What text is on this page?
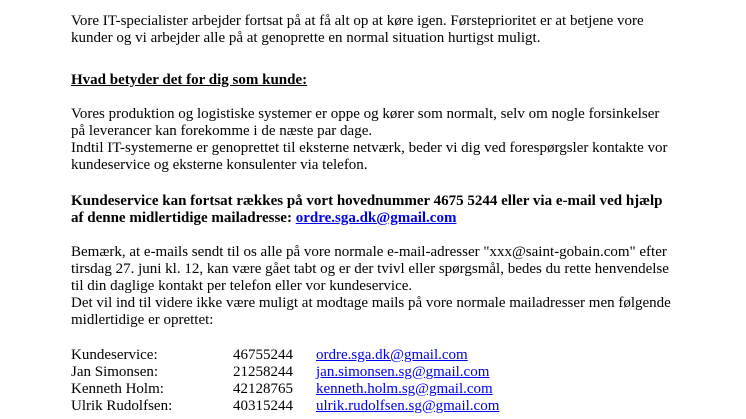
Vore IT-specialister arbejder fortsat på at få alt op at køre igen. Førsteprioritet er at betjene vore
kunder og vi arbejder alle på at genoprette en normal situation hurtigst muligt.
Hvad betyder det for dig som kunde:
Vores produktion og logistiske systemer er oppe og kører som normalt, selv om nogle forsinkelser
på leverancer kan forekomme i de næste par dage.
Indtil IT-systemerne er genoprettet til eksterne netværk, beder vi dig ved forespørgsler kontakte vor
kundeservice og eksterne konsulenter via telefon.
Kundeservice kan fortsat rækkes på vort hovednummer 4675 5244 eller via e-mail ved hjælp
af denne midlertidige mailadresse: ordre.sga.dk@gmail.com
Bemærk, at e-mails sendt til os alle på vore normale e-mail-adresser "xxx@saint-gobain.com" efter
tirsdag 27. juni kl. 12, kan være gået tabt og er der tvivl eller spørgsmål, bedes du rette henvendelse
til din daglige kontakt per telefon eller vor kundeservice.
Det vil ind til videre ikke være muligt at modtage mails på vore normale mailadresser men følgende
midlertidige er oprettet:
Kundeservice:	46755244 ordre.sga.dk@gmail.com
Jan Simonsen:	21258244 jan.simonsen.sg@gmail.com
Kenneth Holm:	42128765 kenneth.holm.sg@gmail.com
Ulrik Rudolfsen:	40315244 ulrik.rudolfsen.sg@gmail.com
